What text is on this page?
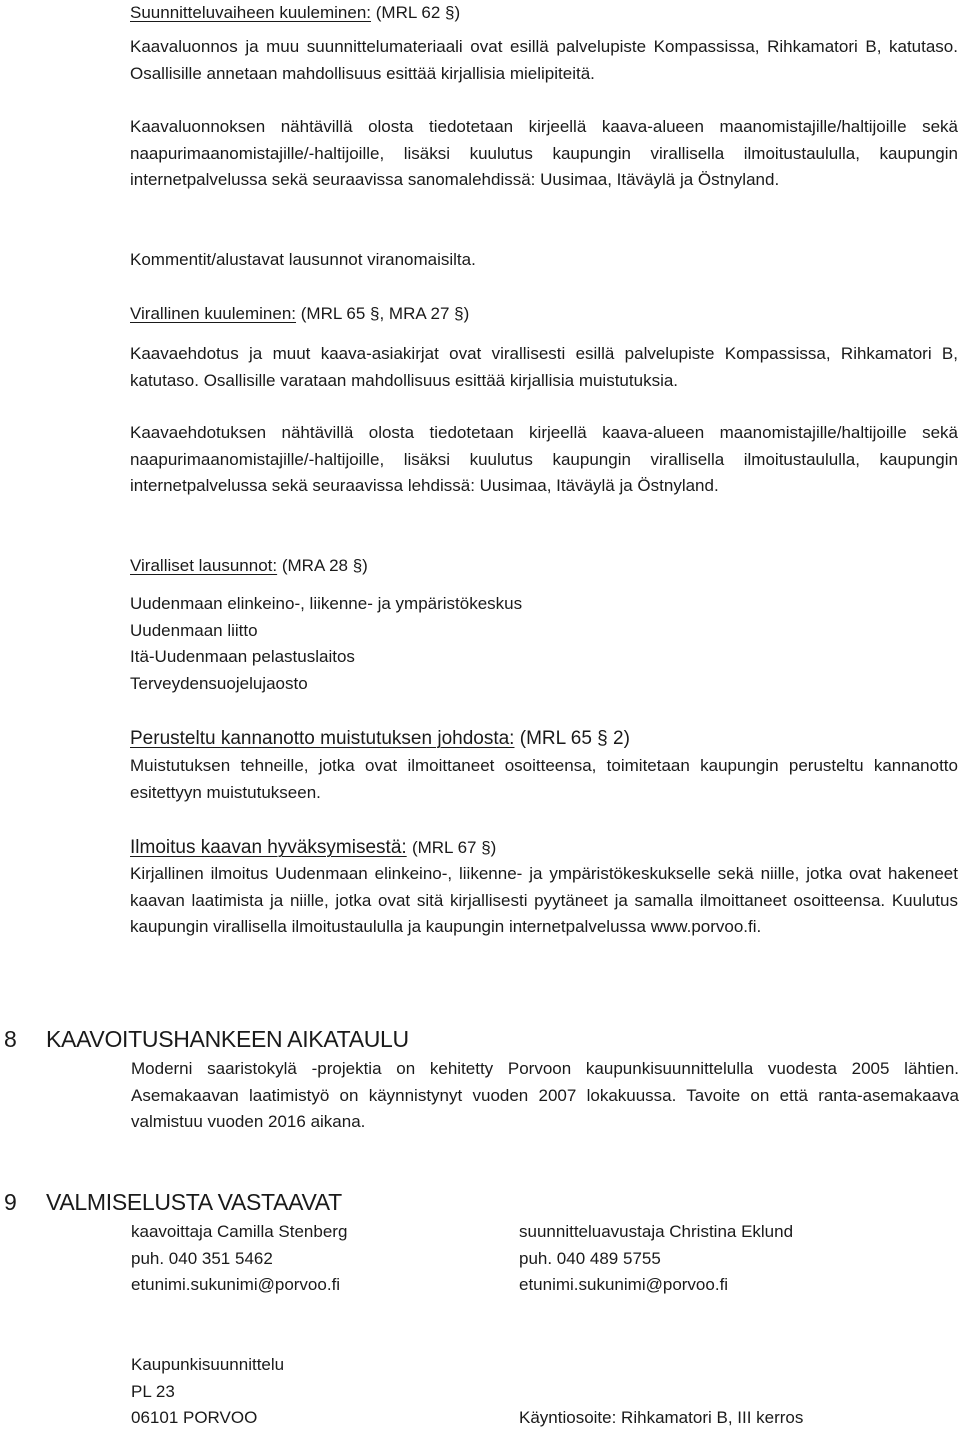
Suunnitteluvaiheen kuuleminen: (MRL 62 §)

Kaavaluonnos ja muu suunnittelumateriaali ovat esillä palvelupiste Kompassissa, Rihkamatori B, katutaso. Osallisille annetaan mahdollisuus esittää kirjallisia mielipiteitä.
Kaavaluonnoksen nähtävillä olosta tiedotetaan kirjeellä kaava-alueen maanomistajille/haltijoille sekä naapurimaanomistajille/-haltijoille, lisäksi kuulutus kaupungin virallisella ilmoitustaululla, kaupungin internetpalvelussa sekä seuraavissa sanomalehdissä: Uusimaa, Itäväylä ja Östnyland.
Kommentit/alustavat lausunnot viranomaisilta.

Virallinen kuuleminen: (MRL 65 §, MRA 27 §)

Kaavaehdotus ja muut kaava-asiakirjat ovat virallisesti esillä palvelupiste Kompassissa, Rihkamatori B, katutaso. Osallisille varataan mahdollisuus esittää kirjallisia muistutuksia.
Kaavaehdotuksen nähtävillä olosta tiedotetaan kirjeellä kaava-alueen maanomistajille/haltijoille sekä naapurimaanomistajille/-haltijoille, lisäksi kuulutus kaupungin virallisella ilmoitustaululla, kaupungin internetpalvelussa sekä seuraavissa lehdissä: Uusimaa, Itäväylä ja Östnyland.

Viralliset lausunnot: (MRA 28 §)

Uudenmaan elinkeino-, liikenne- ja ympäristökeskus

Uudenmaan liitto

Itä-Uudenmaan pelastuslaitos

Terveydensuojelujaosto

Perusteltu kannanotto muistutuksen johdosta: (MRL 65 § 2)

Muistutuksen tehneille, jotka ovat ilmoittaneet osoitteensa, toimitetaan kaupungin perusteltu kannanotto esitettyyn muistutukseen.

Ilmoitus kaavan hyväksymisestä: (MRL 67 §)

Kirjallinen ilmoitus Uudenmaan elinkeino-, liikenne- ja ympäristökeskukselle sekä niille, jotka ovat hakeneet kaavan laatimista ja niille, jotka ovat sitä kirjallisesti pyytäneet ja samalla ilmoittaneet osoitteensa. Kuulutus kaupungin virallisella ilmoitustaululla ja kaupungin internetpalvelussa www.porvoo.fi.
8 KAAVOITUSHANKEEN AIKATAULU
Moderni saaristokylä -projektia on kehitetty Porvoon kaupunkisuunnittelulla vuodesta 2005 lähtien. Asemakaavan laatimistyö on käynnistynyt vuoden 2007 lokakuussa. Tavoite on että ranta-asemakaava valmistuu vuoden 2016 aikana.
9 VALMISELUSTA VASTAAVAT

kaavoittaja Camilla Stenberg

puh. 040 351 5462

etunimi.sukunimi@porvoo.fi

suunnitteluavustaja Christina Eklund

puh. 040 489 5755

etunimi.sukunimi@porvoo.fi

Kaupunkisuunnittelu

PL 23

06101 PORVOO	Käyntiosoite: Rihkamatori B, III kerros
